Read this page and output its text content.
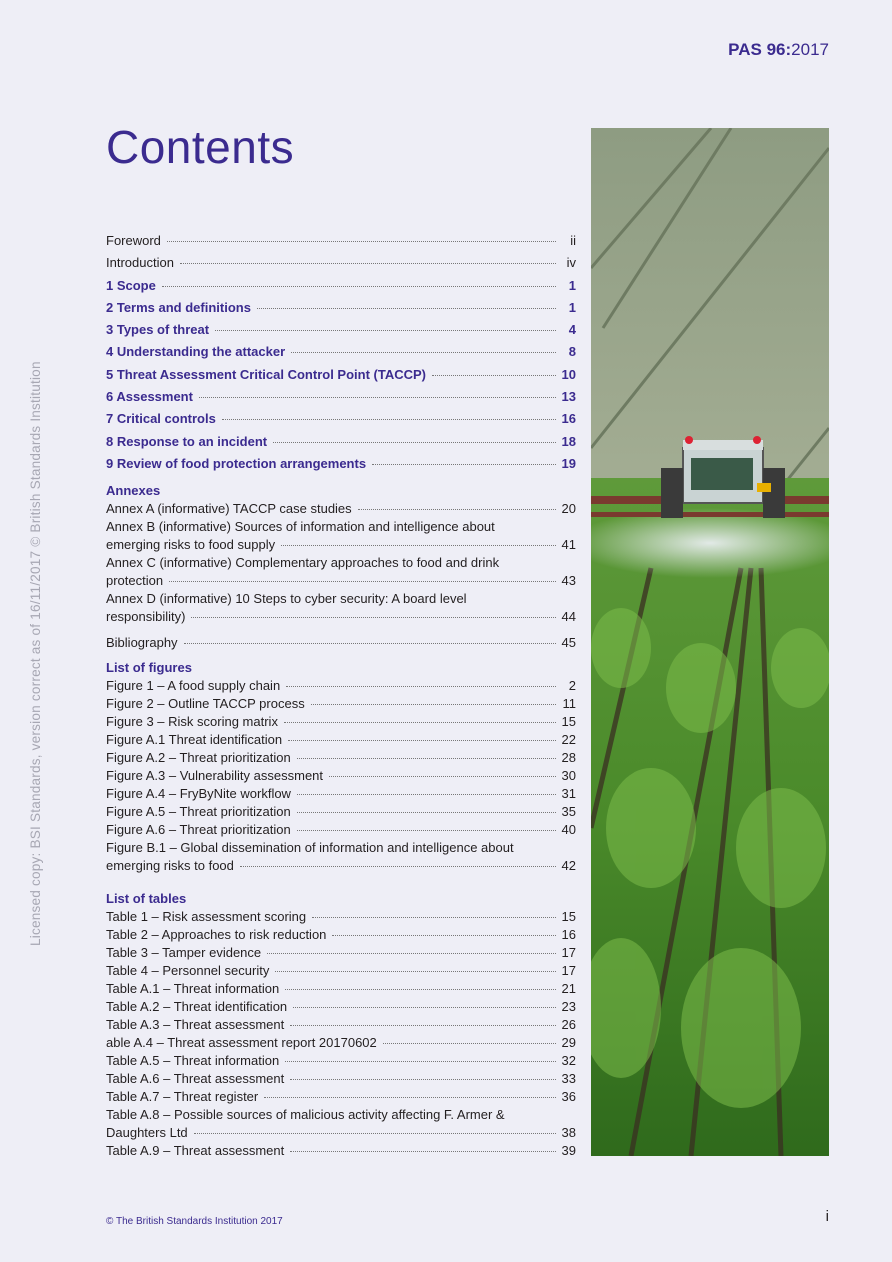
PAS 96:2017
Contents
Licensed copy: BSI Standards, version correct as of 16/11/2017 © British Standards Institution
Foreword	ii
Introduction	iv
1 Scope	1
2 Terms and definitions	1
3 Types of threat	4
4 Understanding the attacker	8
5 Threat Assessment Critical Control Point (TACCP)	10
6 Assessment	13
7 Critical controls	16
8 Response to an incident	18
9 Review of food protection arrangements	19
Annexes
Annex A (informative) TACCP case studies	20
Annex B (informative) Sources of information and intelligence about
emerging risks to food supply	41
Annex C (informative) Complementary approaches to food and drink
protection	43
Annex D (informative) 10 Steps to cyber security: A board level
responsibility)	44
Bibliography	45
List of figures
Figure 1 – A food supply chain	2
Figure 2 – Outline TACCP process	11
Figure 3 – Risk scoring matrix	15
Figure A.1 Threat identification	22
Figure A.2 – Threat prioritization	28
Figure A.3 – Vulnerability assessment	30
Figure A.4 – FryByNite workflow	31
Figure A.5 – Threat prioritization	35
Figure A.6 – Threat prioritization	40
Figure B.1 – Global dissemination of information and intelligence about
emerging risks to food	42
List of tables
Table 1 – Risk assessment scoring	15
Table 2 – Approaches to risk reduction	16
Table 3 – Tamper evidence	17
Table 4 – Personnel security	17
Table A.1 – Threat information	21
Table A.2 – Threat identification	23
Table A.3 – Threat assessment	26
able A.4 – Threat assessment report 20170602	29
Table A.5 – Threat information	32
Table A.6 – Threat assessment	33
Table A.7 – Threat register	36
Table A.8 – Possible sources of malicious activity affecting F. Armer &
Daughters Ltd	38
Table A.9 – Threat assessment	39
© The British Standards Institution 2017	i
